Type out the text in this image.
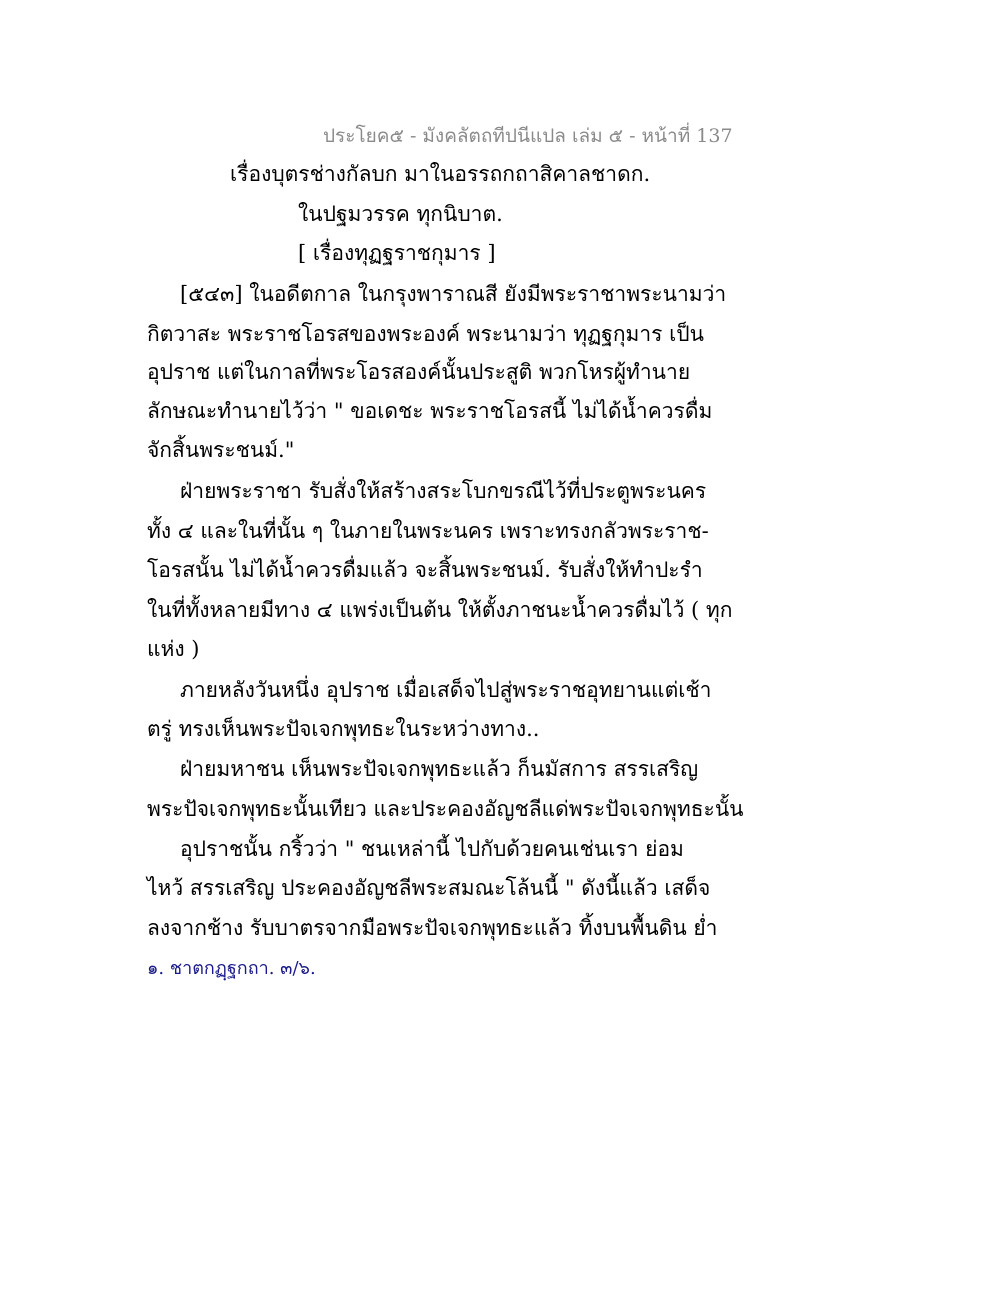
ประโยค๕ - มังคลัตถทีปนีแปล เล่ม ๕ - หน้าที่ 137
เรื่องบุตรช่างกัลบก มาในอรรถกถาสิคาลชาดก.
ในปฐมวรรค ทุกนิบาต.
[ เรื่องทุฏฐราชกุมาร ]
[๕๔๓] ในอดีตกาล ในกรุงพาราณสี ยังมีพระราชาพระนามว่า
กิตวาสะ พระราชโอรสของพระองค์ พระนามว่า ทุฏฐกุมาร เป็น
อุปราช แต่ในกาลที่พระโอรสองค์นั้นประสูติ พวกโหรผู้ทำนาย
ลักษณะทำนายไว้ว่า " ขอเดชะ พระราชโอรสนี้ ไม่ได้น้ำควรดื่ม
จักสิ้นพระชนม์."
ฝ่ายพระราชา รับสั่งให้สร้างสระโบกขรณีไว้ที่ประตูพระนคร
ทั้ง ๔ และในที่นั้น ๆ ในภายในพระนคร เพราะทรงกลัวพระราช-
โอรสนั้น ไม่ได้น้ำควรดื่มแล้ว จะสิ้นพระชนม์. รับสั่งให้ทำปะรำ
ในที่ทั้งหลายมีทาง ๔ แพร่งเป็นต้น ให้ตั้งภาชนะน้ำควรดื่มไว้ ( ทุก
แห่ง )
ภายหลังวันหนึ่ง อุปราช เมื่อเสด็จไปสู่พระราชอุทยานแต่เช้า
ตรู่ ทรงเห็นพระปัจเจกพุทธะในระหว่างทาง..
ฝ่ายมหาชน เห็นพระปัจเจกพุทธะแล้ว ก็นมัสการ สรรเสริญ
พระปัจเจกพุทธะนั้นเทียว และประคองอัญชลีแด่พระปัจเจกพุทธะนั้น
อุปราชนั้น กริ้วว่า " ชนเหล่านี้ ไปกับด้วยคนเช่นเรา ย่อม
ไหว้ สรรเสริญ ประคองอัญชลีพระสมณะโล้นนี้ " ดังนี้แล้ว เสด็จ
ลงจากช้าง รับบาตรจากมือพระปัจเจกพุทธะแล้ว ทิ้งบนพื้นดิน ย่ำ
๑. ชาตกฏฺฐกถา. ๓/๖.
